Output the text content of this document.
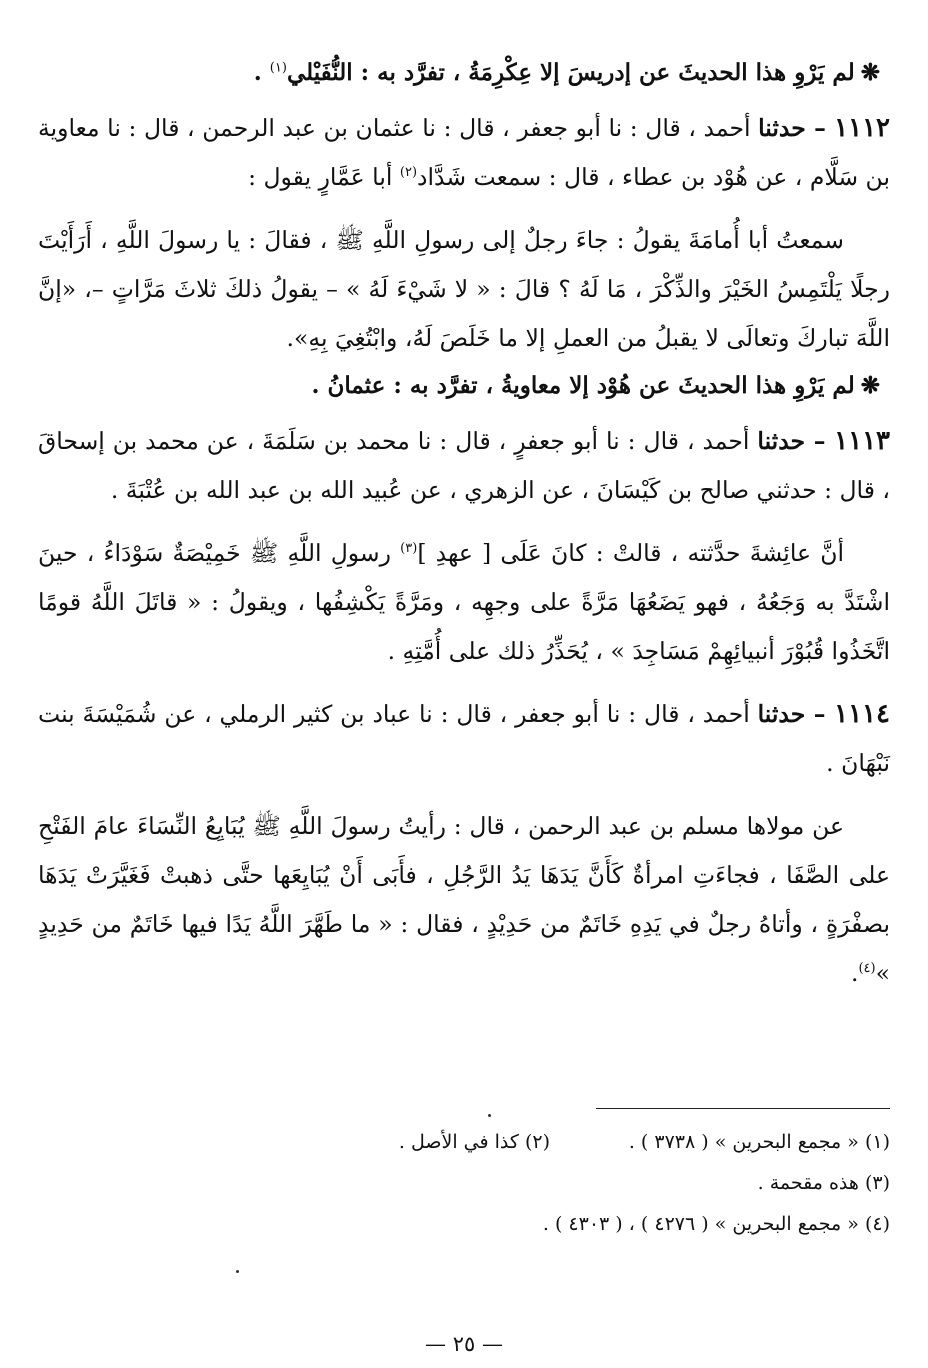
❋لم يَرْوِ هذا الحديثَ عن إدريسَ إلا عِكْرِمَةُ ، تفرَّد به : النُّفَيْلي$^{(١)}$ .

١١١٢ – حدثنا أحمد ، قال : نا أبو جعفر ، قال : نا عثمان بن عبد الرحمن ، قال : نا معاوية بن سَلَّام ، عن هُوْد بن عطاء ، قال : سمعت شَدَّاد$^{(٢)}$ أبا عَمَّارٍ يقول :

سمعتُ أبا أُمامَةَ يقولُ : جاءَ رجلٌ إلى رسولِ اللَّهِ ﷺ ، فقالَ : يا رسولَ اللَّهِ ، أَرَأَيْتَ رجلًا يَلْتَمِسُ الخَيْرَ والذِّكْرَ ، مَا لَهُ ؟ قالَ : « لا شَيْءَ لَهُ » – يقولُ ذلكَ ثلاثَ مَرَّاتٍ –، «إنَّ اللَّهَ تباركَ وتعالَى لا يقبلُ من العملِ إلا ما خَلَصَ لَهُ، وابْتُغِيَ بِهِ».

❋لم يَرْوِ هذا الحديثَ عن هُوْد إلا معاويةُ ، تفرَّد به : عثمانُ .

١١١٣ – حدثنا أحمد ، قال : نا أبو جعفرٍ ، قال : نا محمد بن سَلَمَةَ ، عن محمد بن إسحاقَ ، قال : حدثني صالح بن كَيْسَانَ ، عن الزهري ، عن عُبيد الله بن عبد الله بن عُتْبَةَ .

أنَّ عائِشةَ حدَّثته ، قالتْ : كانَ عَلَى [ عهدِ ]$^{(٣)}$ رسولِ اللَّهِ ﷺ خَمِيْصَةٌ سَوْدَاءُ ، حينَ اشْتَدَّ به وَجَعُهُ ، فهو يَضَعُهَا مَرَّةً على وجهِه ، ومَرَّةً يَكْشِفُها ، ويقولُ : « قاتَلَ اللَّهُ قومًا اتَّخَذُوا قُبُوْرَ أنبيائِهِمْ مَسَاجِدَ » ، يُحَذِّرُ ذلك على أُمَّتِهِ .

١١١٤ – حدثنا أحمد ، قال : نا أبو جعفر ، قال : نا عباد بن كثير الرملي ، عن شُمَيْسَةَ بنت نَبْهَانَ .

عن مولاها مسلم بن عبد الرحمن ، قال : رأيتُ رسولَ اللَّهِ ﷺ يُبَايِعُ النِّسَاءَ عامَ الفَتْحِ على الصَّفَا ، فجاءَتِ امرأةٌ كَأَنَّ يَدَهَا يَدُ الرَّجُلِ ، فأَبَى أَنْ يُبَايِعَها حتَّى ذهبتْ فَغَيَّرَتْ يَدَهَا بصفْرَةٍ ، وأتاهُ رجلٌ في يَدِهِ خَاتَمٌ من حَدِيْدٍ ، فقال : « ما طَهَّرَ اللَّهُ يَدًا فيها خَاتَمٌ من حَدِيدٍ »$^{(٤)}$.

(١) « مجمع البحرين » ( ٣٧٣٨ ) .
(٢) كذا في الأصل .
(٣) هذه مقحمة .
(٤) « مجمع البحرين » ( ٤٢٧٦ ) ، ( ٤٣٠٣ ) .
— ٢٥ —
